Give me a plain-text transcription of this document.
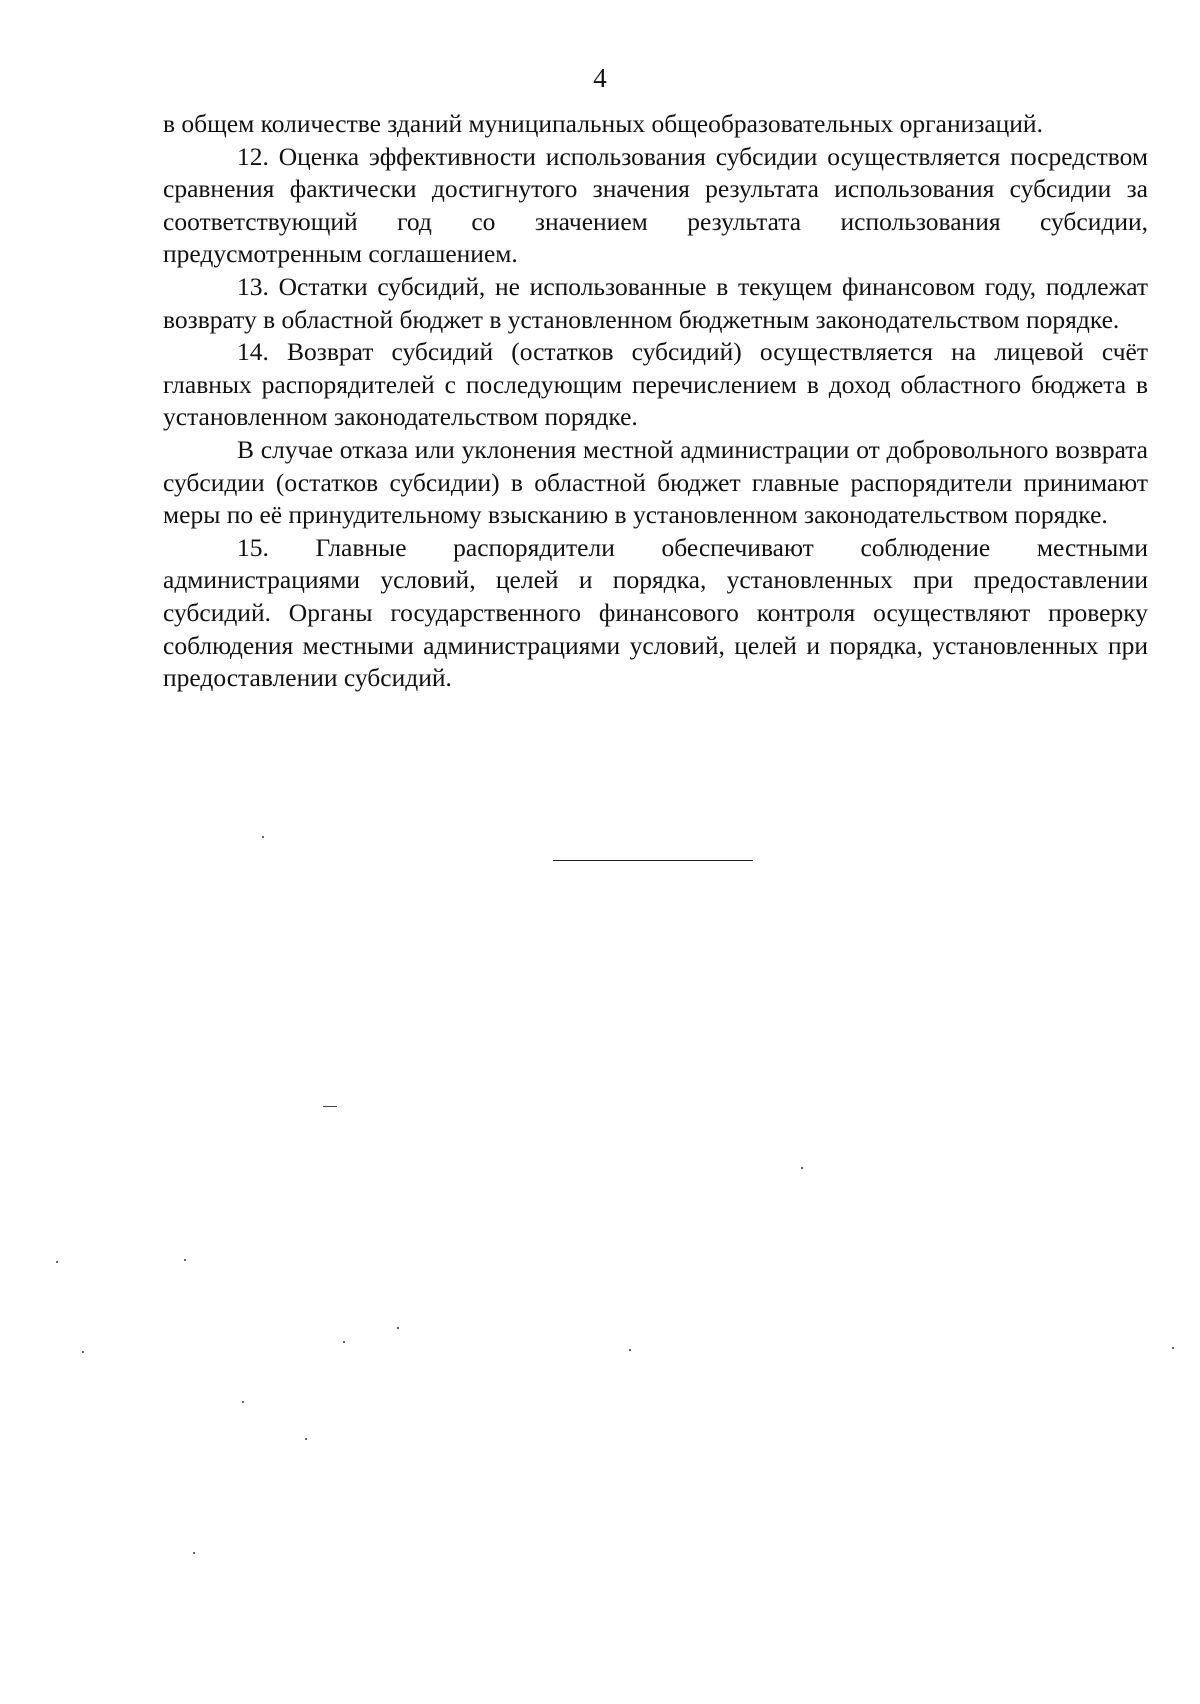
4

в общем количестве зданий муниципальных общеобразовательных организаций.

12. Оценка эффективности использования субсидии осуществляется посредством сравнения фактически достигнутого значения результата использования субсидии за соответствующий год со значением результата использования субсидии, предусмотренным соглашением.

13. Остатки субсидий, не использованные в текущем финансовом году, подлежат возврату в областной бюджет в установленном бюджетным законодательством порядке.

14. Возврат субсидий (остатков субсидий) осуществляется на лицевой счёт главных распорядителей с последующим перечислением в доход областного бюджета в установленном законодательством порядке.

В случае отказа или уклонения местной администрации от добровольного возврата субсидии (остатков субсидии) в областной бюджет главные распорядители принимают меры по её принудительному взысканию в установленном законодательством порядке.

15. Главные распорядители обеспечивают соблюдение местными администрациями условий, целей и порядка, установленных при предоставлении субсидий. Органы государственного финансового контроля осуществляют проверку соблюдения местными администрациями условий, целей и порядка, установленных при предоставлении субсидий.
